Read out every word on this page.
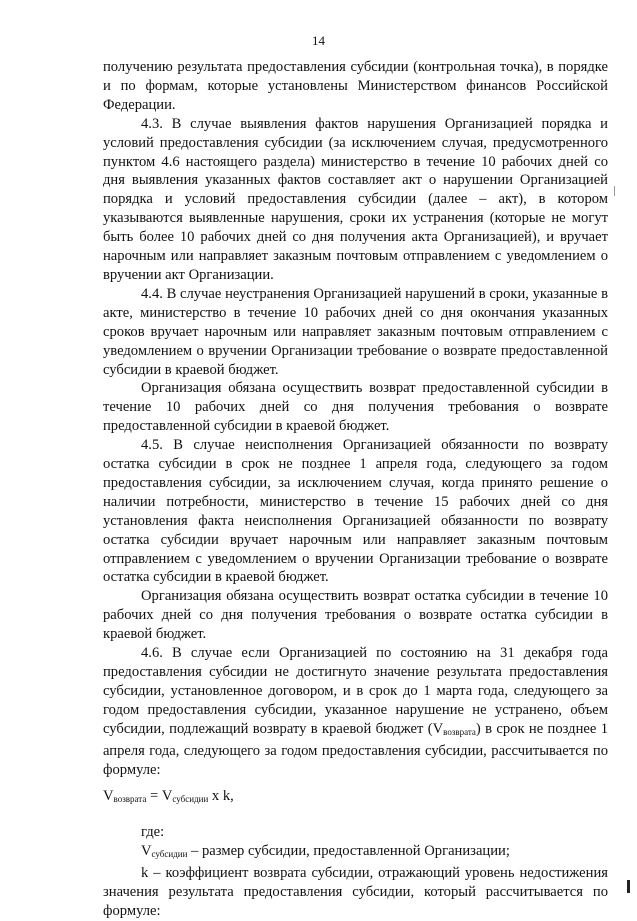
14

получению результата предоставления субсидии (контрольная точка), в порядке и по формам, которые установлены Министерством финансов Российской Федерации.

4.3. В случае выявления фактов нарушения Организацией порядка и условий предоставления субсидии (за исключением случая, предусмотренного пунктом 4.6 настоящего раздела) министерство в течение 10 рабочих дней со дня выявления указанных фактов составляет акт о нарушении Организацией порядка и условий предоставления субсидии (далее – акт), в котором указываются выявленные нарушения, сроки их устранения (которые не могут быть более 10 рабочих дней со дня получения акта Организацией), и вручает нарочным или направляет заказным почтовым отправлением с уведомлением о вручении акт Организации.

4.4. В случае неустранения Организацией нарушений в сроки, указанные в акте, министерство в течение 10 рабочих дней со дня окончания указанных сроков вручает нарочным или направляет заказным почтовым отправлением с уведомлением о вручении Организации требование о возврате предоставленной субсидии в краевой бюджет.

Организация обязана осуществить возврат предоставленной субсидии в течение 10 рабочих дней со дня получения требования о возврате предоставленной субсидии в краевой бюджет.

4.5. В случае неисполнения Организацией обязанности по возврату остатка субсидии в срок не позднее 1 апреля года, следующего за годом предоставления субсидии, за исключением случая, когда принято решение о наличии потребности, министерство в течение 15 рабочих дней со дня установления факта неисполнения Организацией обязанности по возврату остатка субсидии вручает нарочным или направляет заказным почтовым отправлением с уведомлением о вручении Организации требование о возврате остатка субсидии в краевой бюджет.

Организация обязана осуществить возврат остатка субсидии в течение 10 рабочих дней со дня получения требования о возврате остатка субсидии в краевой бюджет.

4.6. В случае если Организацией по состоянию на 31 декабря года предоставления субсидии не достигнуто значение результата предоставления субсидии, установленное договором, и в срок до 1 марта года, следующего за годом предоставления субсидии, указанное нарушение не устранено, объем субсидии, подлежащий возврату в краевой бюджет $(V_{возврата})$ в срок не позднее 1 апреля года, следующего за годом предоставления субсидии, рассчитывается по формуле:

$V_{возврата} = V_{субсидии}$ x k,

где:

$V_{субсидии}$ – размер субсидии, предоставленной Организации;

k – коэффициент возврата субсидии, отражающий уровень недостижения значения результата предоставления субсидии, который рассчитывается по формуле:
